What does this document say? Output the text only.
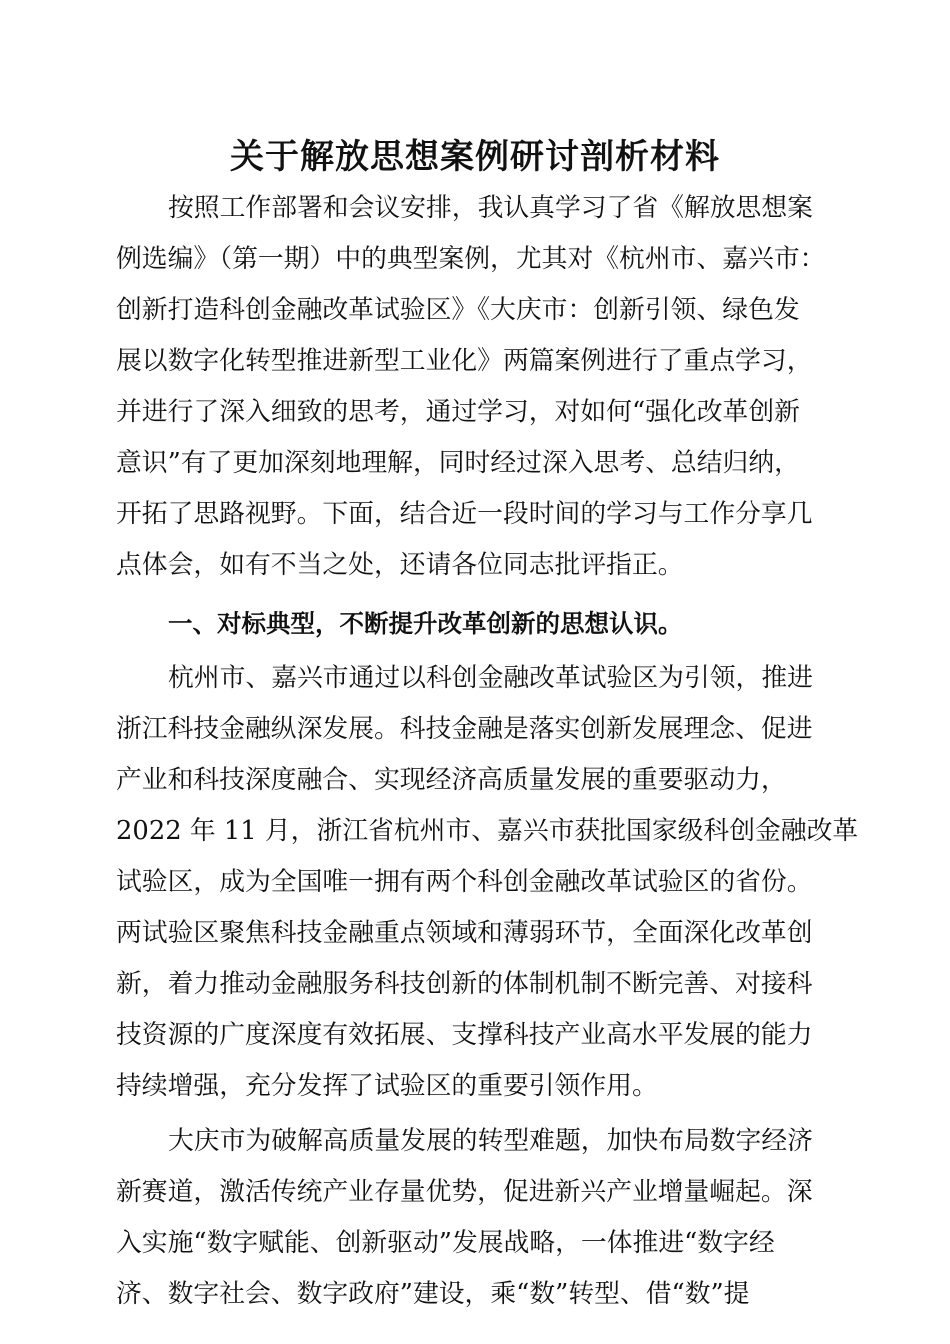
关于解放思想案例研讨剖析材料
按照工作部署和会议安排，我认真学习了省《解放思想案
例选编》（第一期）中的典型案例，尤其对《杭州市、嘉兴市：
创新打造科创金融改革试验区》《大庆市：创新引领、绿色发
展以数字化转型推进新型工业化》两篇案例进行了重点学习，
并进行了深入细致的思考，通过学习，对如何“强化改革创新
意识”有了更加深刻地理解，同时经过深入思考、总结归纳，
开拓了思路视野。下面，结合近一段时间的学习与工作分享几
点体会，如有不当之处，还请各位同志批评指正。
一、对标典型，不断提升改革创新的思想认识。
杭州市、嘉兴市通过以科创金融改革试验区为引领，推进
浙江科技金融纵深发展。科技金融是落实创新发展理念、促进
产业和科技深度融合、实现经济高质量发展的重要驱动力，
2022 年 11 月，浙江省杭州市、嘉兴市获批国家级科创金融改革
试验区，成为全国唯一拥有两个科创金融改革试验区的省份。
两试验区聚焦科技金融重点领域和薄弱环节，全面深化改革创
新，着力推动金融服务科技创新的体制机制不断完善、对接科
技资源的广度深度有效拓展、支撑科技产业高水平发展的能力
持续增强，充分发挥了试验区的重要引领作用。
大庆市为破解高质量发展的转型难题，加快布局数字经济
新赛道，激活传统产业存量优势，促进新兴产业增量崛起。深
入实施“数字赋能、创新驱动”发展战略，一体推进“数字经
济、数字社会、数字政府”建设，乘“数”转型、借“数”提
